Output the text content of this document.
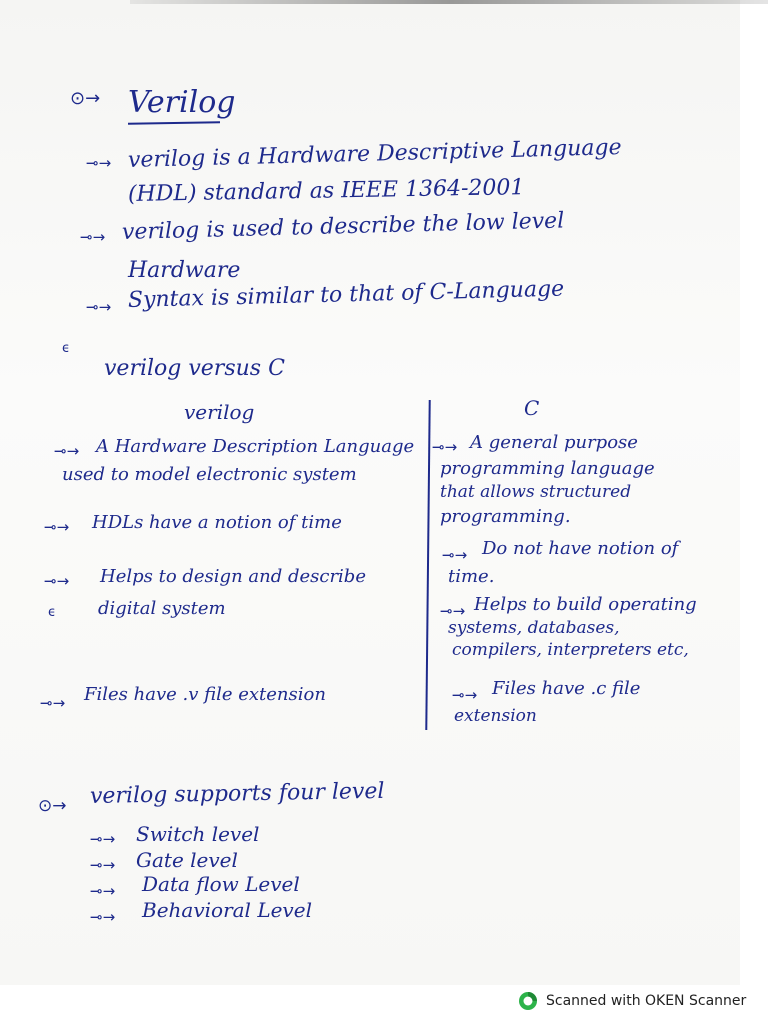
⊙→ Verilog
⊸→ verilog is a Hardware Descriptive Language
(HDL) standard as IEEE 1364-2001
⊸→ verilog is used to describe the low level
Hardware
⊸→ Syntax is similar to that of C-Language
ϵ
verilog versus C
verilog	C
⊸→ A Hardware Description Language
used to model electronic system
⊸→ HDLs have a notion of time
⊸→ Helps to design and describe
ϵ digital system
⊸→ Files have .v file extension
⊸→ A general purpose
programming language
that allows structured
programming.
⊸→ Do not have notion of
time.
⊸→ Helps to build operating
systems, databases,
compilers, interpreters etc,
⊸→ Files have .c file
extension
⊙→ verilog supports four level
⊸→ Switch level
⊸→ Gate level
⊸→ Data flow Level
⊸→ Behavioral Level
Scanned with OKEN Scanner
